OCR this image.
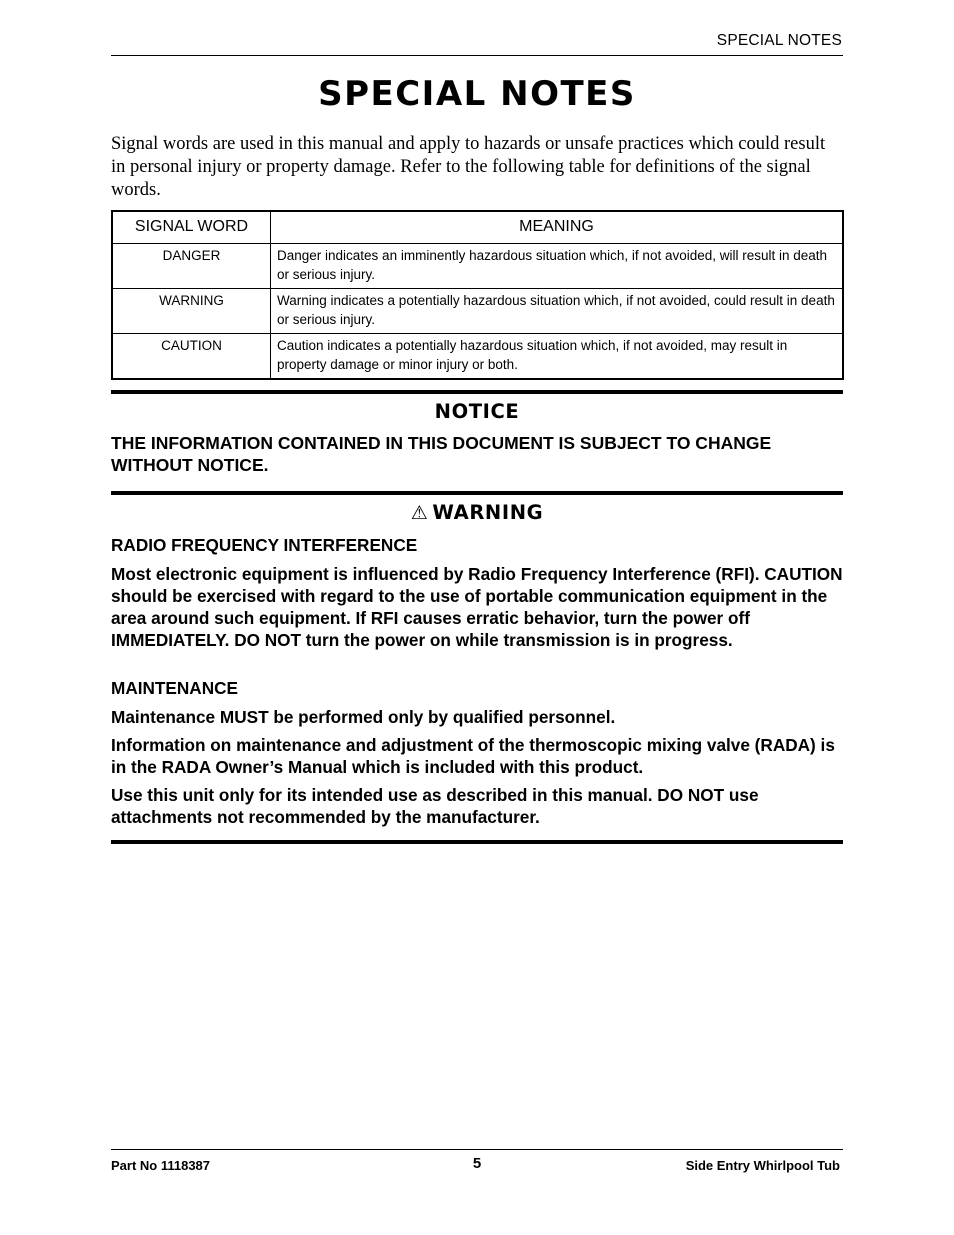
SPECIAL NOTES
SPECIAL NOTES

Signal words are used in this manual and apply to hazards or unsafe practices which could result in personal injury or property damage. Refer to the following table for definitions of the signal words.

SIGNAL WORD	MEANING
DANGER	Danger indicates an imminently hazardous situation which, if not avoided, will result in death or serious injury.
WARNING	Warning indicates a potentially hazardous situation which, if not avoided, could result in death or serious injury.
CAUTION	Caution indicates a potentially hazardous situation which, if not avoided, may result in property damage or minor injury or both.
NOTICE

THE INFORMATION CONTAINED IN THIS DOCUMENT IS SUBJECT TO CHANGE WITHOUT NOTICE.

⚠ WARNING

RADIO FREQUENCY INTERFERENCE

Most electronic equipment is influenced by Radio Frequency Interference (RFI). CAUTION should be exercised with regard to the use of portable communication equipment in the area around such equipment. If RFI causes erratic behavior, turn the power off IMMEDIATELY. DO NOT turn the power on while transmission is in progress.

MAINTENANCE

Maintenance MUST be performed only by qualified personnel.

Information on maintenance and adjustment of the thermoscopic mixing valve (RADA) is in the RADA Owner’s Manual which is included with this product.

Use this unit only for its intended use as described in this manual. DO NOT use attachments not recommended by the manufacturer.

Part No 1118387	5	Side Entry Whirlpool Tub
